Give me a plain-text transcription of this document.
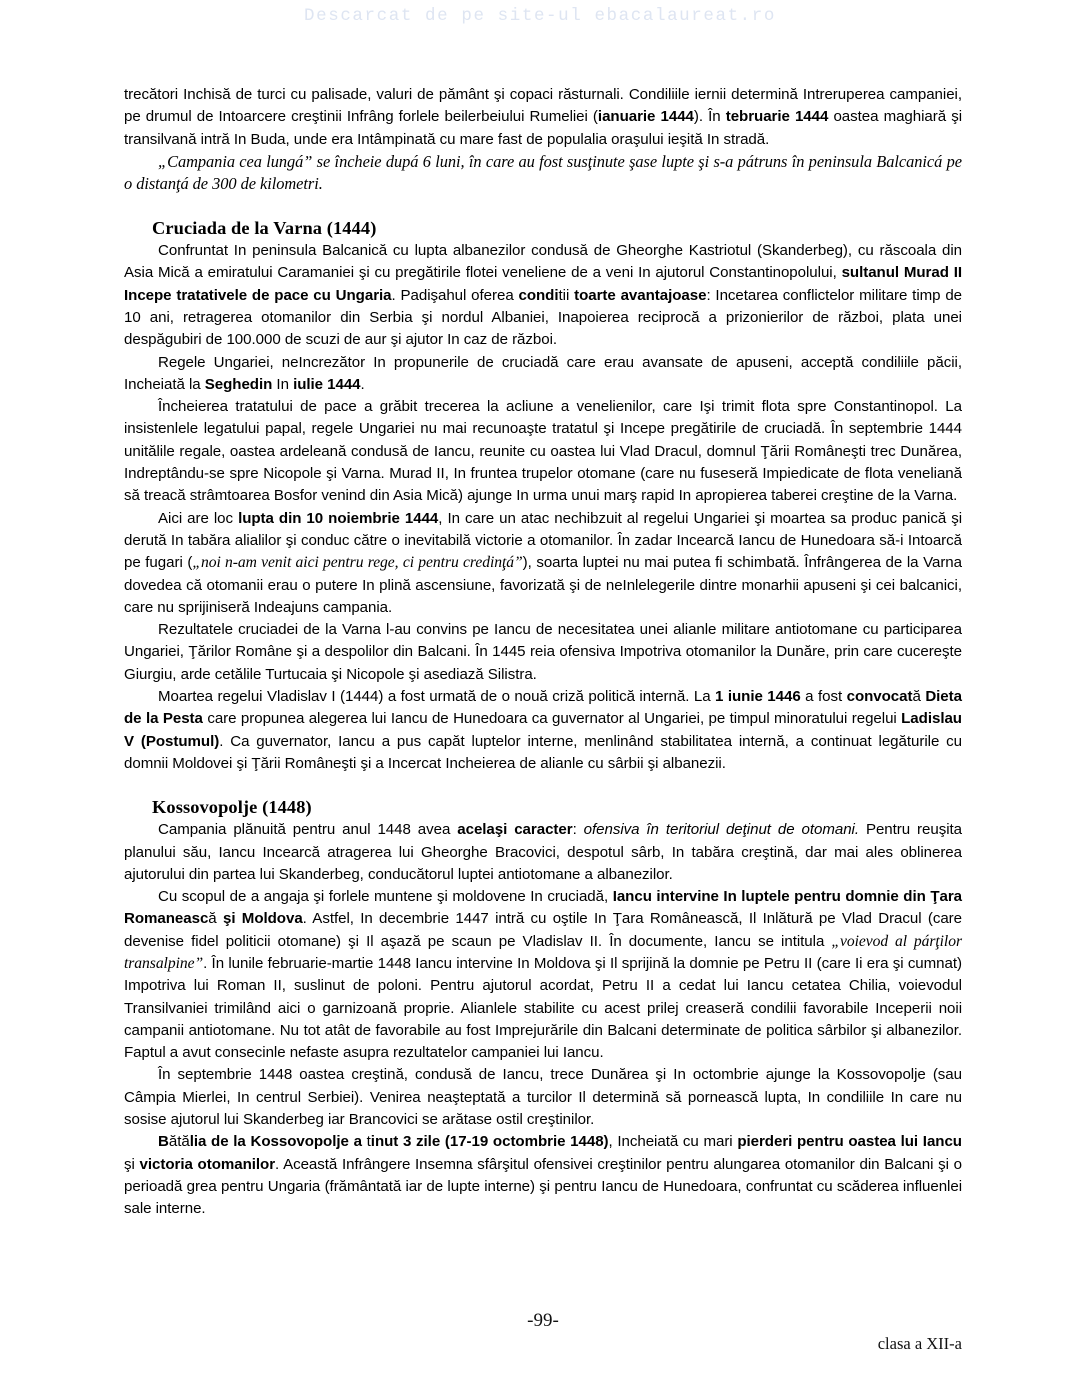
Descarcat de pe site-ul ebacalaureat.ro

trecători Inchisă de turci cu palisade, valuri de pământ şi copaci răsturnali. Condiliile iernii determină Intreruperea campaniei, pe drumul de Intoarcere creştinii Infrâng forlele beilerbeiului Rumeliei (ianuarie 1444). În tebruarie 1444 oastea maghiară şi transilvană intră In Buda, unde era Intâmpinată cu mare fast de populalia oraşului ieşită In stradă.

„Campania cea lungá” se încheie dupá 6 luni, în care au fost susţinute şase lupte şi s-a pátruns în peninsula Balcanicá pe o distanţá de 300 de kilometri.

Cruciada de la Varna (1444)

Confruntat In peninsula Balcanică cu lupta albanezilor condusă de Gheorghe Kastriotul (Skanderbeg), cu răscoala din Asia Mică a emiratului Caramaniei şi cu pregătirile flotei veneliene de a veni In ajutorul Constantinopolului, sultanul Murad II Incepe tratativele de pace cu Ungaria. Padişahul oferea conditii toarte avantajoase: Incetarea conflictelor militare timp de 10 ani, retragerea otomanilor din Serbia şi nordul Albaniei, Inapoierea reciprocă a prizonierilor de război, plata unei despăgubiri de 100.000 de scuzi de aur şi ajutor In caz de război.

Regele Ungariei, neIncrezător In propunerile de cruciadă care erau avansate de apuseni, acceptă condiliile păcii, Incheiată la Seghedin In iulie 1444.

Încheierea tratatului de pace a grăbit trecerea la acliune a venelienilor, care Işi trimit flota spre Constantinopol. La insistenlele legatului papal, regele Ungariei nu mai recunoaşte tratatul şi Incepe pregătirile de cruciadă. În septembrie 1444 unitălile regale, oastea ardeleană condusă de Iancu, reunite cu oastea lui Vlad Dracul, domnul Ţării Româneşti trec Dunărea, Indreptându-se spre Nicopole şi Varna. Murad II, In fruntea trupelor otomane (care nu fuseseră Impiedicate de flota veneliană să treacă strâmtoarea Bosfor venind din Asia Mică) ajunge In urma unui marş rapid In apropierea taberei creştine de la Varna.

Aici are loc lupta din 10 noiembrie 1444, In care un atac nechibzuit al regelui Ungariei şi moartea sa produc panică şi derută In tabăra alialilor şi conduc către o inevitabilă victorie a otomanilor. În zadar Incearcă Iancu de Hunedoara să-i Intoarcă pe fugari („noi n-am venit aici pentru rege, ci pentru credinţá”), soarta luptei nu mai putea fi schimbată. Înfrângerea de la Varna dovedea că otomanii erau o putere In plină ascensiune, favorizată şi de neInlelegerile dintre monarhii apuseni şi cei balcanici, care nu sprijiniseră Indeajuns campania.

Rezultatele cruciadei de la Varna l-au convins pe Iancu de necesitatea unei alianle militare antiotomane cu participarea Ungariei, Ţărilor Române şi a despolilor din Balcani. În 1445 reia ofensiva Impotriva otomanilor la Dunăre, prin care cucereşte Giurgiu, arde cetălile Turtucaia şi Nicopole şi asediază Silistra.

Moartea regelui Vladislav I (1444) a fost urmată de o nouă criză politică internă. La 1 iunie 1446 a fost convocată Dieta de la Pesta care propunea alegerea lui Iancu de Hunedoara ca guvernator al Ungariei, pe timpul minoratului regelui Ladislau V (Postumul). Ca guvernator, Iancu a pus capăt luptelor interne, menlinând stabilitatea internă, a continuat legăturile cu domnii Moldovei şi Ţării Româneşti şi a Incercat Incheierea de alianle cu sârbii şi albanezii.

Kossovopolje (1448)

Campania plănuită pentru anul 1448 avea acelaşi caracter: ofensiva în teritoriul deţinut de otomani. Pentru reuşita planului său, Iancu Incearcă atragerea lui Gheorghe Bracovici, despotul sârb, In tabăra creştină, dar mai ales oblinerea ajutorului din partea lui Skanderbeg, conducătorul luptei antiotomane a albanezilor.

Cu scopul de a angaja şi forlele muntene şi moldovene In cruciadă, Iancu intervine In luptele pentru domnie din Ţara Romanească şi Moldova. Astfel, In decembrie 1447 intră cu oştile In Ţara Românească, Il Inlătură pe Vlad Dracul (care devenise fidel politicii otomane) şi Il aşază pe scaun pe Vladislav II. În documente, Iancu se intitula „voievod al párţilor transalpine”. În lunile februarie-martie 1448 Iancu intervine In Moldova şi Il sprijină la domnie pe Petru II (care Ii era şi cumnat) Impotriva lui Roman II, suslinut de poloni. Pentru ajutorul acordat, Petru II a cedat lui Iancu cetatea Chilia, voievodul Transilvaniei trimilând aici o garnizoană proprie. Alianlele stabilite cu acest prilej creaseră condilii favorabile Inceperii noii campanii antiotomane. Nu tot atât de favorabile au fost Imprejurările din Balcani determinate de politica sârbilor şi albanezilor. Faptul a avut consecinle nefaste asupra rezultatelor campaniei lui Iancu.

În septembrie 1448 oastea creştină, condusă de Iancu, trece Dunărea şi In octombrie ajunge la Kossovopolje (sau Câmpia Mierlei, In centrul Serbiei). Venirea neaşteptată a turcilor Il determină să pornească lupta, In condiliile In care nu sosise ajutorul lui Skanderbeg iar Brancovici se arătase ostil creştinilor.

Bătălia de la Kossovopolje a tinut 3 zile (17-19 octombrie 1448), Incheiată cu mari pierderi pentru oastea lui Iancu şi victoria otomanilor. Această Infrângere Insemna sfârşitul ofensivei creştinilor pentru alungarea otomanilor din Balcani şi o perioadă grea pentru Ungaria (frământată iar de lupte interne) şi pentru Iancu de Hunedoara, confruntat cu scăderea influenlei sale interne.

-99-
clasa a XII-a
